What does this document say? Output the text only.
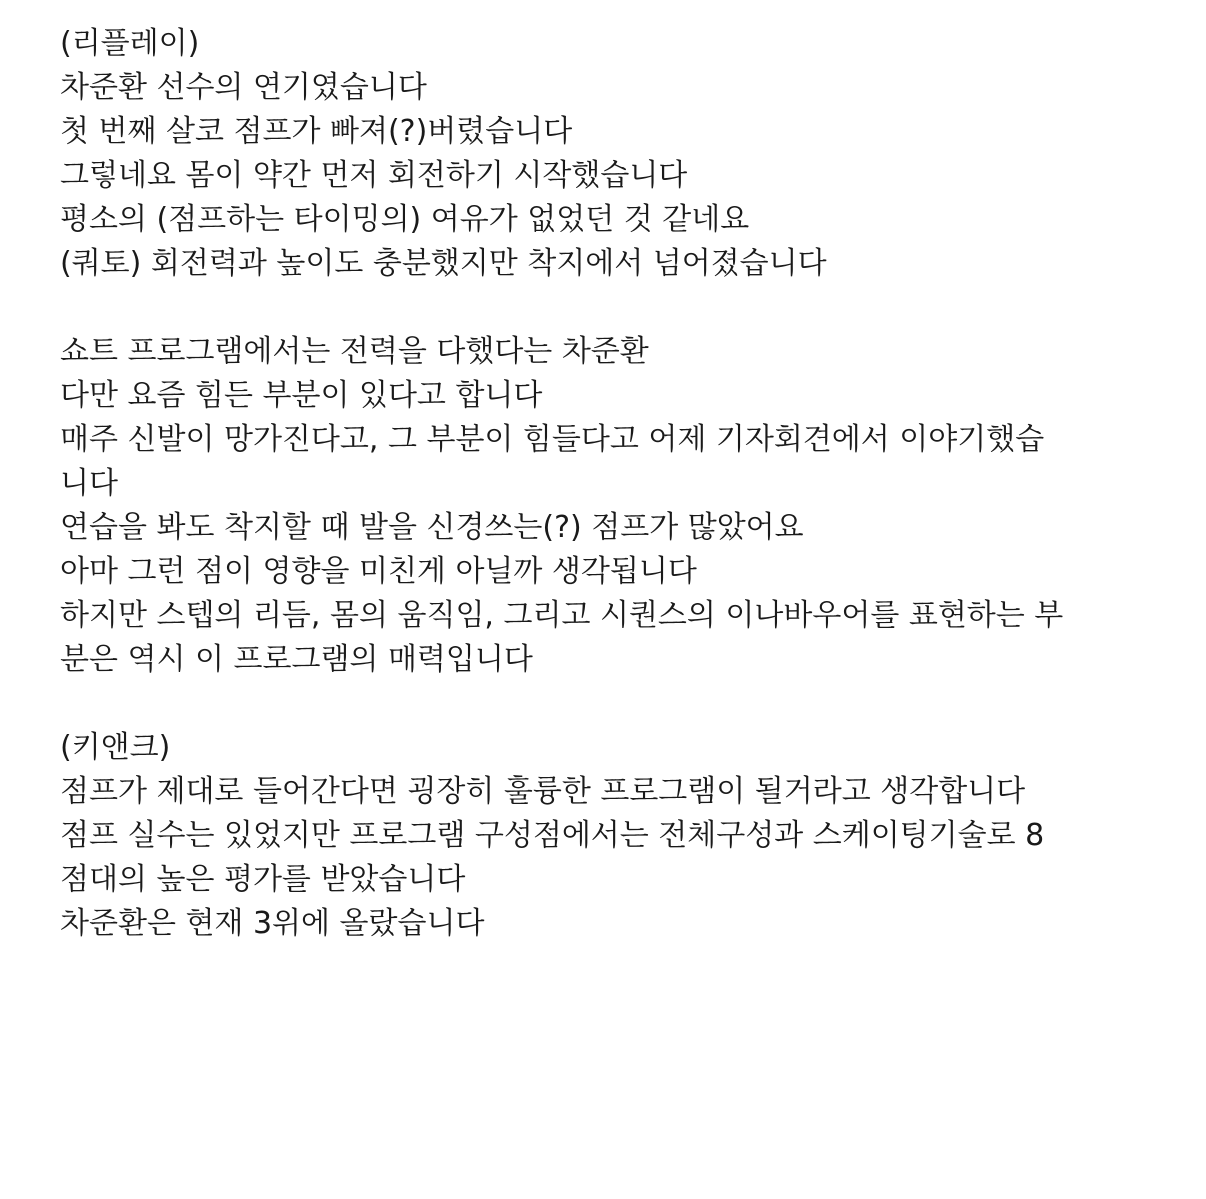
(리플레이)
차준환 선수의 연기였습니다
첫 번째 살코 점프가 빠져(?)버렸습니다
그렇네요 몸이 약간 먼저 회전하기 시작했습니다
평소의 (점프하는 타이밍의) 여유가 없었던 것 같네요
(쿼토) 회전력과 높이도 충분했지만 착지에서 넘어졌습니다
쇼트 프로그램에서는 전력을 다했다는 차준환
다만 요즘 힘든 부분이 있다고 합니다
매주 신발이 망가진다고, 그 부분이 힘들다고 어제 기자회견에서 이야기했습
니다
연습을 봐도 착지할 때 발을 신경쓰는(?) 점프가 많았어요
아마 그런 점이 영향을 미친게 아닐까 생각됩니다
하지만 스텝의 리듬, 몸의 움직임, 그리고 시퀀스의 이나바우어를 표현하는 부
분은 역시 이 프로그램의 매력입니다
(키앤크)
점프가 제대로 들어간다면 굉장히 훌륭한 프로그램이 될거라고 생각합니다
점프 실수는 있었지만 프로그램 구성점에서는 전체구성과 스케이팅기술로 8
점대의 높은 평가를 받았습니다
차준환은 현재 3위에 올랐습니다
